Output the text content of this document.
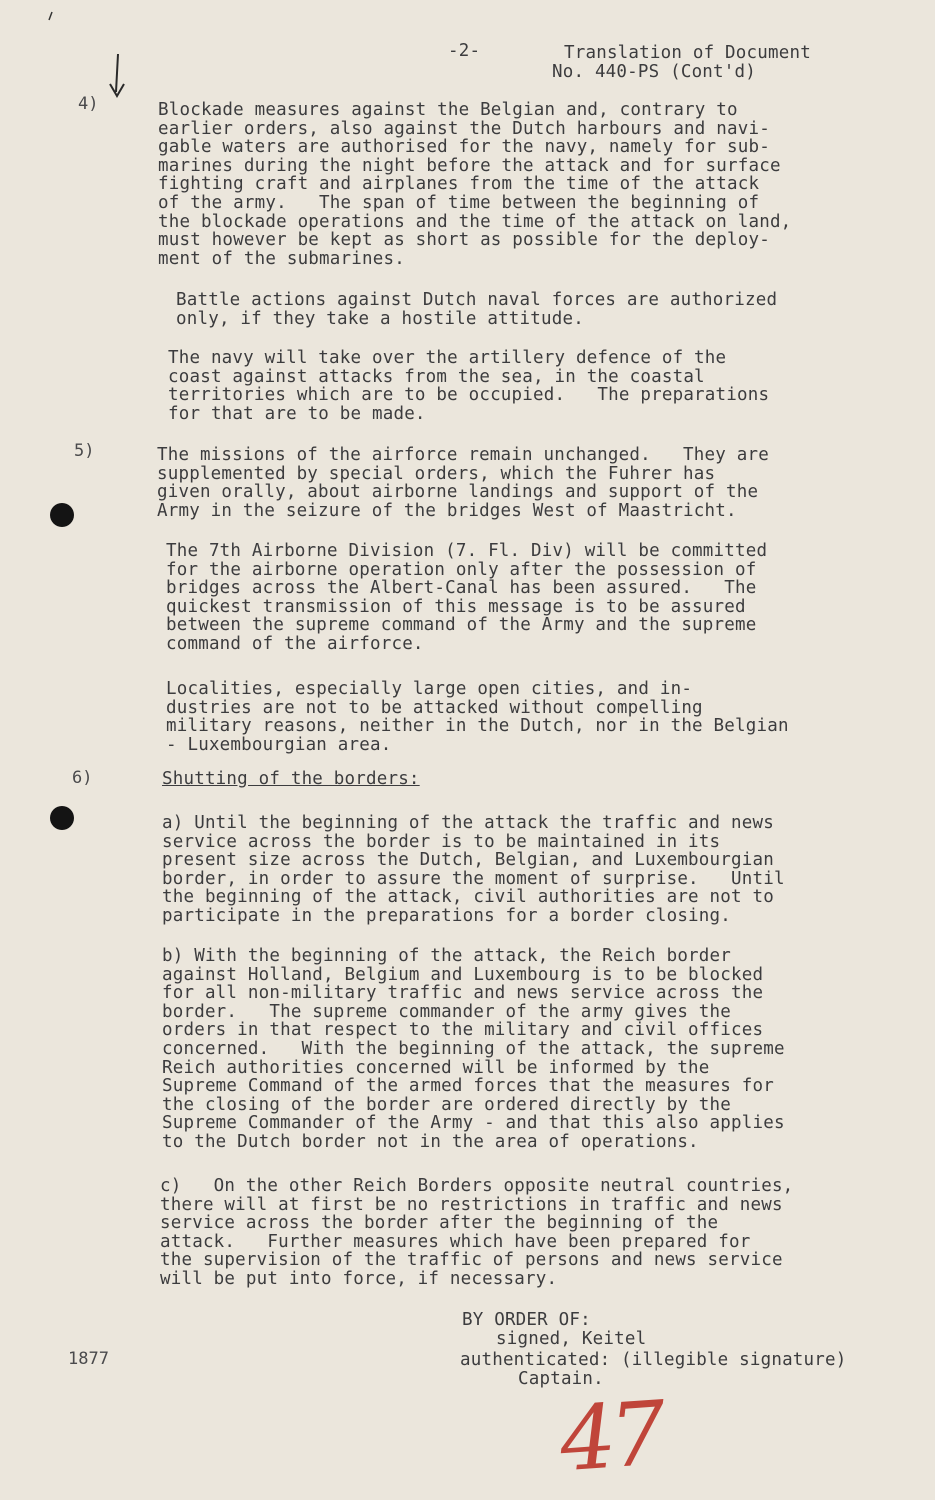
-2-	Translation of Document
No. 440-PS (Cont'd)
4)	Blockade measures against the Belgian and, contrary to
earlier orders, also against the Dutch harbours and navi-
gable waters are authorised for the navy, namely for sub-
marines during the night before the attack and for surface
fighting craft and airplanes from the time of the attack
of the army.   The span of time between the beginning of
the blockade operations and the time of the attack on land,
must however be kept as short as possible for the deploy-
ment of the submarines.
Battle actions against Dutch naval forces are authorized
only, if they take a hostile attitude.
The navy will take over the artillery defence of the
coast against attacks from the sea, in the coastal
territories which are to be occupied.   The preparations
for that are to be made.
5)	The missions of the airforce remain unchanged.   They are
supplemented by special orders, which the Fuhrer has
given orally, about airborne landings and support of the
Army in the seizure of the bridges West of Maastricht.
The 7th Airborne Division (7. Fl. Div) will be committed
for the airborne operation only after the possession of
bridges across the Albert-Canal has been assured.   The
quickest transmission of this message is to be assured
between the supreme command of the Army and the supreme
command of the airforce.
Localities, especially large open cities, and in-
dustries are not to be attacked without compelling
military reasons, neither in the Dutch, nor in the Belgian
- Luxembourgian area.
6)	Shutting of the borders:
a) Until the beginning of the attack the traffic and news
service across the border is to be maintained in its
present size across the Dutch, Belgian, and Luxembourgian
border, in order to assure the moment of surprise.   Until
the beginning of the attack, civil authorities are not to
participate in the preparations for a border closing.
b) With the beginning of the attack, the Reich border
against Holland, Belgium and Luxembourg is to be blocked
for all non-military traffic and news service across the
border.   The supreme commander of the army gives the
orders in that respect to the military and civil offices
concerned.   With the beginning of the attack, the supreme
Reich authorities concerned will be informed by the
Supreme Command of the armed forces that the measures for
the closing of the border are ordered directly by the
Supreme Commander of the Army - and that this also applies
to the Dutch border not in the area of operations.
c)   On the other Reich Borders opposite neutral countries,
there will at first be no restrictions in traffic and news
service across the border after the beginning of the
attack.   Further measures which have been prepared for
the supervision of the traffic of persons and news service
will be put into force, if necessary.
BY ORDER OF:
signed, Keitel
authenticated: (illegible signature)
Captain.
1877
47
